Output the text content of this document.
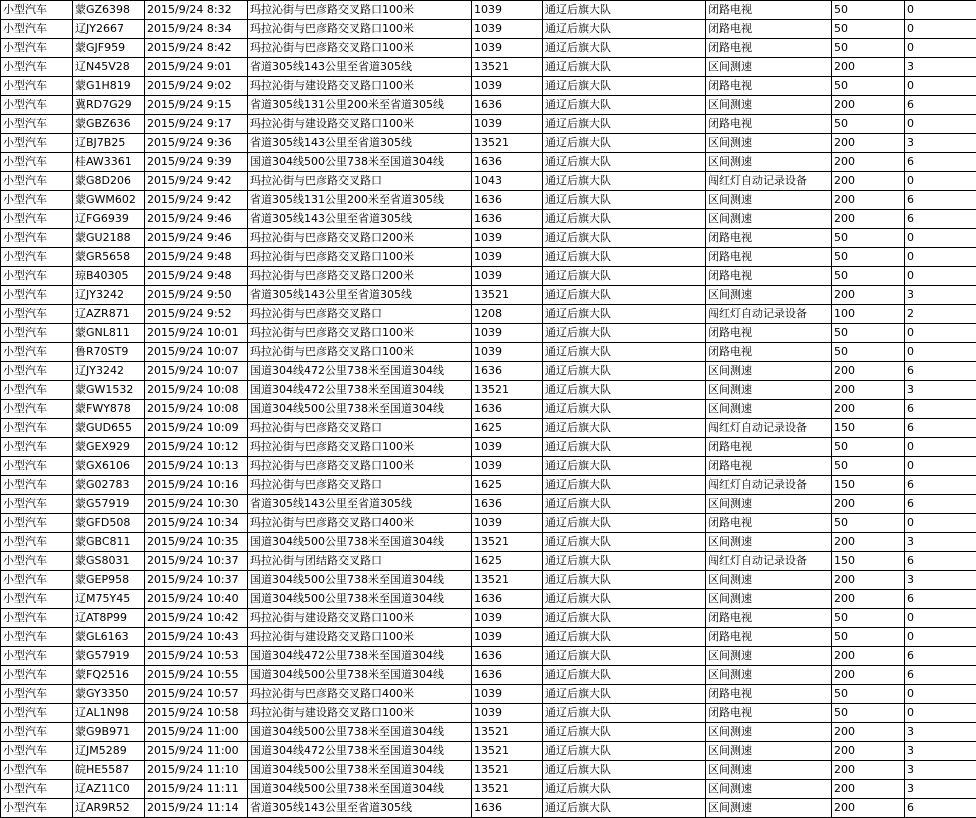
小型汽车	蒙GZ6398	2015/9/24 8:32	玛拉沁街与巴彦路交叉路口100米	1039	通辽后旗大队	闭路电视	50	0
小型汽车	辽JY2667	2015/9/24 8:34	玛拉沁街与巴彦路交叉路口100米	1039	通辽后旗大队	闭路电视	50	0
小型汽车	蒙GJF959	2015/9/24 8:42	玛拉沁街与巴彦路交叉路口100米	1039	通辽后旗大队	闭路电视	50	0
小型汽车	辽N45V28	2015/9/24 9:01	省道305线143公里至省道305线	13521	通辽后旗大队	区间测速	200	3
小型汽车	蒙G1H819	2015/9/24 9:02	玛拉沁街与建设路交叉路口100米	1039	通辽后旗大队	闭路电视	50	0
小型汽车	冀RD7G29	2015/9/24 9:15	省道305线131公里200米至省道305线	1636	通辽后旗大队	区间测速	200	6
小型汽车	蒙GBZ636	2015/9/24 9:17	玛拉沁街与建设路交叉路口100米	1039	通辽后旗大队	闭路电视	50	0
小型汽车	辽BJ7B25	2015/9/24 9:36	省道305线143公里至省道305线	13521	通辽后旗大队	区间测速	200	3
小型汽车	桂AW3361	2015/9/24 9:39	国道304线500公里738米至国道304线	1636	通辽后旗大队	区间测速	200	6
小型汽车	蒙G8D206	2015/9/24 9:42	玛拉沁街与巴彦路交叉路口	1043	通辽后旗大队	闯红灯自动记录设备	200	0
小型汽车	蒙GWM602	2015/9/24 9:42	省道305线131公里200米至省道305线	1636	通辽后旗大队	区间测速	200	6
小型汽车	辽FG6939	2015/9/24 9:46	省道305线143公里至省道305线	1636	通辽后旗大队	区间测速	200	6
小型汽车	蒙GU2188	2015/9/24 9:46	玛拉沁街与巴彦路交叉路口200米	1039	通辽后旗大队	闭路电视	50	0
小型汽车	蒙GR5658	2015/9/24 9:48	玛拉沁街与巴彦路交叉路口100米	1039	通辽后旗大队	闭路电视	50	0
小型汽车	琼B40305	2015/9/24 9:48	玛拉沁街与巴彦路交叉路口200米	1039	通辽后旗大队	闭路电视	50	0
小型汽车	辽JY3242	2015/9/24 9:50	省道305线143公里至省道305线	13521	通辽后旗大队	区间测速	200	3
小型汽车	辽AZR871	2015/9/24 9:52	玛拉沁街与巴彦路交叉路口	1208	通辽后旗大队	闯红灯自动记录设备	100	2
小型汽车	蒙GNL811	2015/9/24 10:01	玛拉沁街与巴彦路交叉路口100米	1039	通辽后旗大队	闭路电视	50	0
小型汽车	鲁R70ST9	2015/9/24 10:07	玛拉沁街与巴彦路交叉路口100米	1039	通辽后旗大队	闭路电视	50	0
小型汽车	辽JY3242	2015/9/24 10:07	国道304线472公里738米至国道304线	1636	通辽后旗大队	区间测速	200	6
小型汽车	蒙GW1532	2015/9/24 10:08	国道304线472公里738米至国道304线	13521	通辽后旗大队	区间测速	200	3
小型汽车	蒙FWY878	2015/9/24 10:08	国道304线500公里738米至国道304线	1636	通辽后旗大队	区间测速	200	6
小型汽车	蒙GUD655	2015/9/24 10:09	玛拉沁街与巴彦路交叉路口	1625	通辽后旗大队	闯红灯自动记录设备	150	6
小型汽车	蒙GEX929	2015/9/24 10:12	玛拉沁街与巴彦路交叉路口100米	1039	通辽后旗大队	闭路电视	50	0
小型汽车	蒙GX6106	2015/9/24 10:13	玛拉沁街与巴彦路交叉路口100米	1039	通辽后旗大队	闭路电视	50	0
小型汽车	蒙G02783	2015/9/24 10:16	玛拉沁街与巴彦路交叉路口	1625	通辽后旗大队	闯红灯自动记录设备	150	6
小型汽车	蒙G57919	2015/9/24 10:30	省道305线143公里至省道305线	1636	通辽后旗大队	区间测速	200	6
小型汽车	蒙GFD508	2015/9/24 10:34	玛拉沁街与巴彦路交叉路口400米	1039	通辽后旗大队	闭路电视	50	0
小型汽车	蒙GBC811	2015/9/24 10:35	国道304线500公里738米至国道304线	13521	通辽后旗大队	区间测速	200	3
小型汽车	蒙GS8031	2015/9/24 10:37	玛拉沁街与团结路交叉路口	1625	通辽后旗大队	闯红灯自动记录设备	150	6
小型汽车	蒙GEP958	2015/9/24 10:37	国道304线500公里738米至国道304线	13521	通辽后旗大队	区间测速	200	3
小型汽车	辽M75Y45	2015/9/24 10:40	国道304线500公里738米至国道304线	1636	通辽后旗大队	区间测速	200	6
小型汽车	辽AT8P99	2015/9/24 10:42	玛拉沁街与建设路交叉路口100米	1039	通辽后旗大队	闭路电视	50	0
小型汽车	蒙GL6163	2015/9/24 10:43	玛拉沁街与建设路交叉路口100米	1039	通辽后旗大队	闭路电视	50	0
小型汽车	蒙G57919	2015/9/24 10:53	国道304线472公里738米至国道304线	1636	通辽后旗大队	区间测速	200	6
小型汽车	蒙FQ2516	2015/9/24 10:55	国道304线500公里738米至国道304线	1636	通辽后旗大队	区间测速	200	6
小型汽车	蒙GY3350	2015/9/24 10:57	玛拉沁街与巴彦路交叉路口400米	1039	通辽后旗大队	闭路电视	50	0
小型汽车	辽AL1N98	2015/9/24 10:58	玛拉沁街与建设路交叉路口100米	1039	通辽后旗大队	闭路电视	50	0
小型汽车	蒙G9B971	2015/9/24 11:00	国道304线500公里738米至国道304线	13521	通辽后旗大队	区间测速	200	3
小型汽车	辽JM5289	2015/9/24 11:00	国道304线472公里738米至国道304线	13521	通辽后旗大队	区间测速	200	3
小型汽车	皖HE5587	2015/9/24 11:10	国道304线500公里738米至国道304线	13521	通辽后旗大队	区间测速	200	3
小型汽车	辽AZ11C0	2015/9/24 11:11	国道304线500公里738米至国道304线	13521	通辽后旗大队	区间测速	200	3
小型汽车	辽AR9R52	2015/9/24 11:14	省道305线143公里至省道305线	1636	通辽后旗大队	区间测速	200	6
